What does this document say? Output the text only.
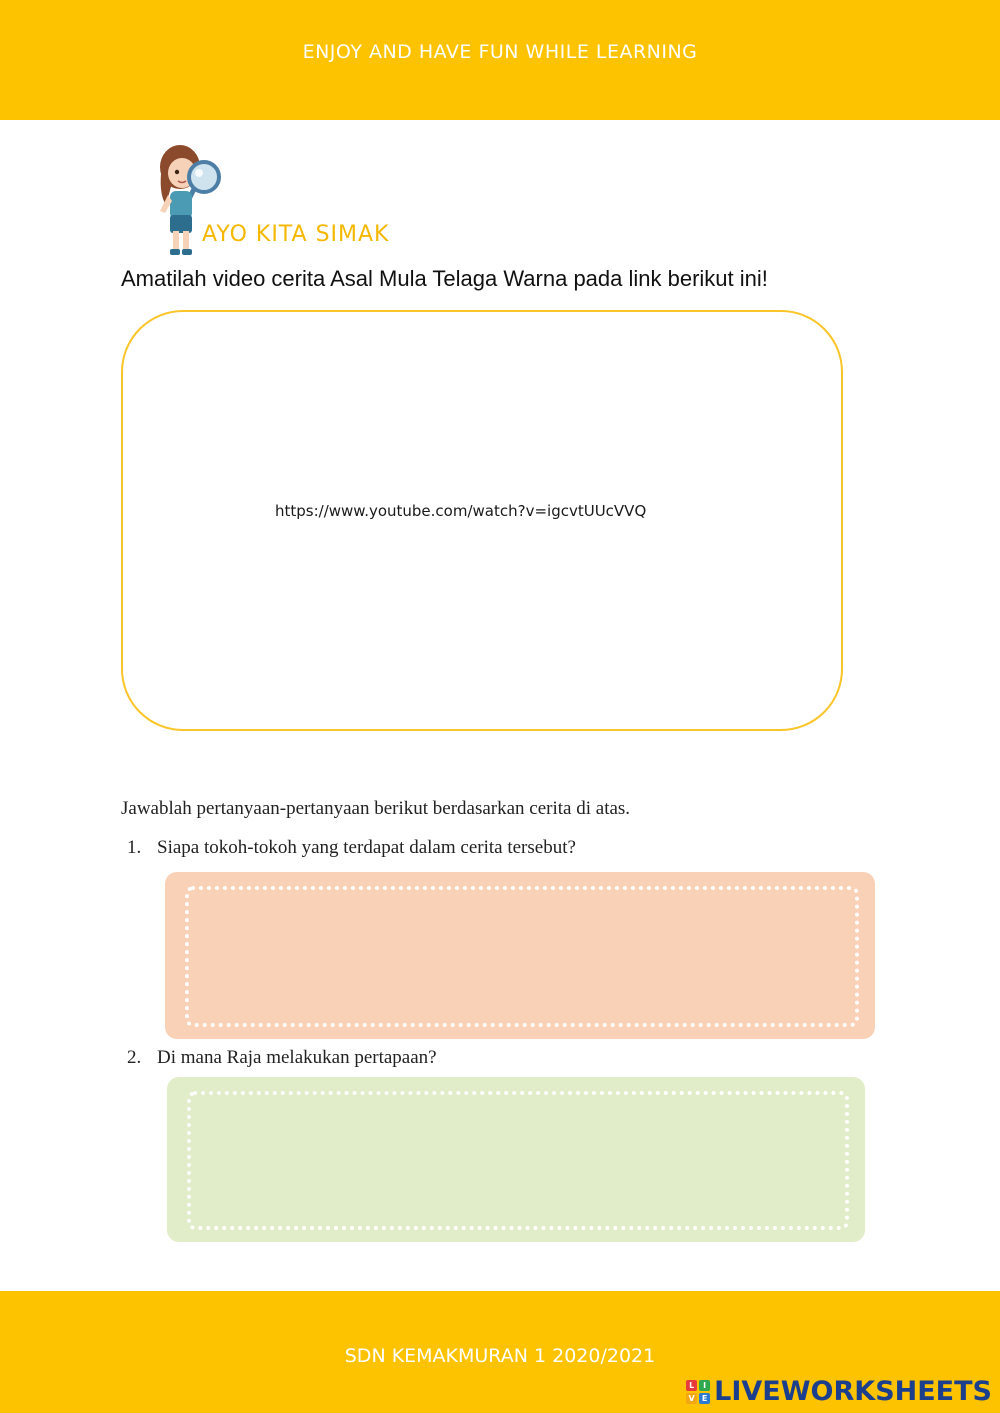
ENJOY AND HAVE FUN WHILE LEARNING
AYO KITA SIMAK
Amatilah video cerita Asal Mula Telaga Warna pada link berikut ini!
https://www.youtube.com/watch?v=igcvtUUcVVQ
Jawablah pertanyaan-pertanyaan berikut berdasarkan cerita di atas.
1. Siapa tokoh-tokoh yang terdapat dalam cerita tersebut?
2. Di mana Raja melakukan pertapaan?
SDN KEMAKMURAN 1 2020/2021
L	I
V E LIVEWORKSHEETS
